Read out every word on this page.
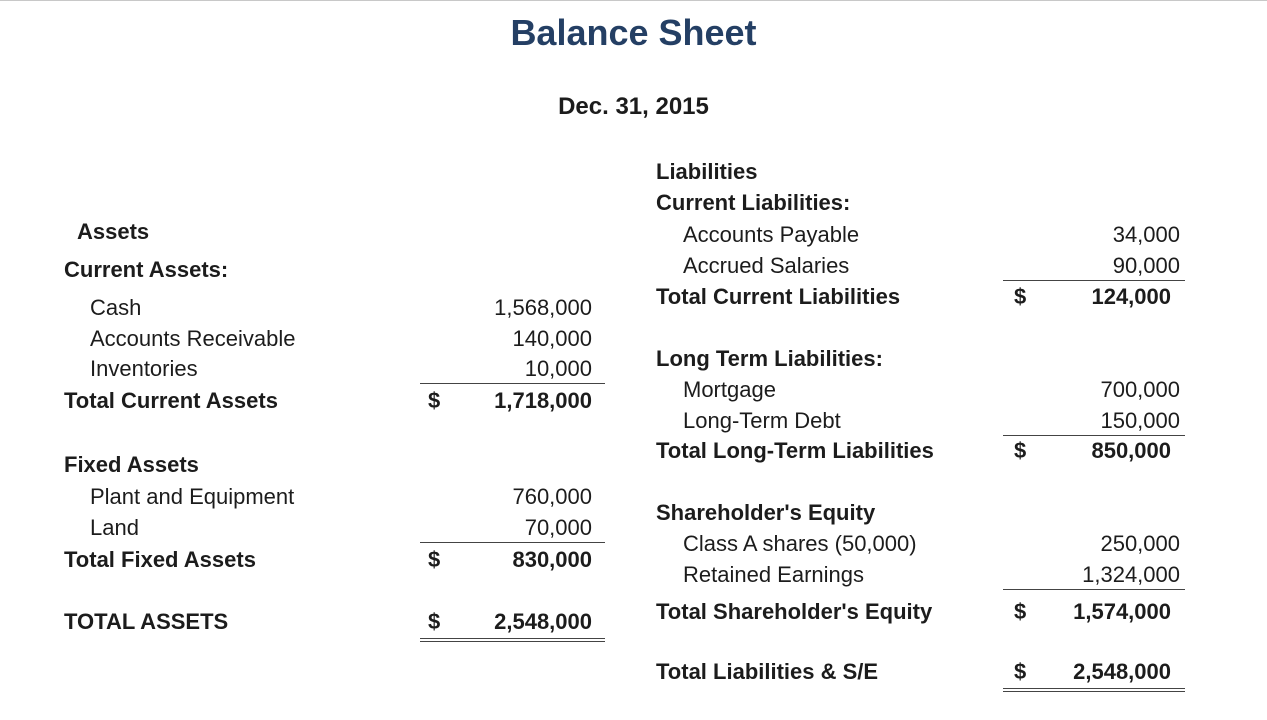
Balance Sheet
Dec. 31, 2015
Assets
Current Assets:
Cash	1,568,000
Accounts Receivable	140,000
Inventories	10,000
Total Current Assets	$	1,718,000
Fixed Assets
Plant and Equipment	760,000
Land	70,000
Total Fixed Assets	$	830,000
TOTAL ASSETS	$	2,548,000
Liabilities
Current Liabilities:
Accounts Payable	34,000
Accrued Salaries	90,000
Total Current Liabilities	$	124,000
Long Term Liabilities:
Mortgage	700,000
Long-Term Debt	150,000
Total Long-Term Liabilities	$	850,000
Shareholder's Equity
Class A shares (50,000)	250,000
Retained Earnings	1,324,000
Total Shareholder's Equity	$	1,574,000
Total Liabilities & S/E	$	2,548,000
